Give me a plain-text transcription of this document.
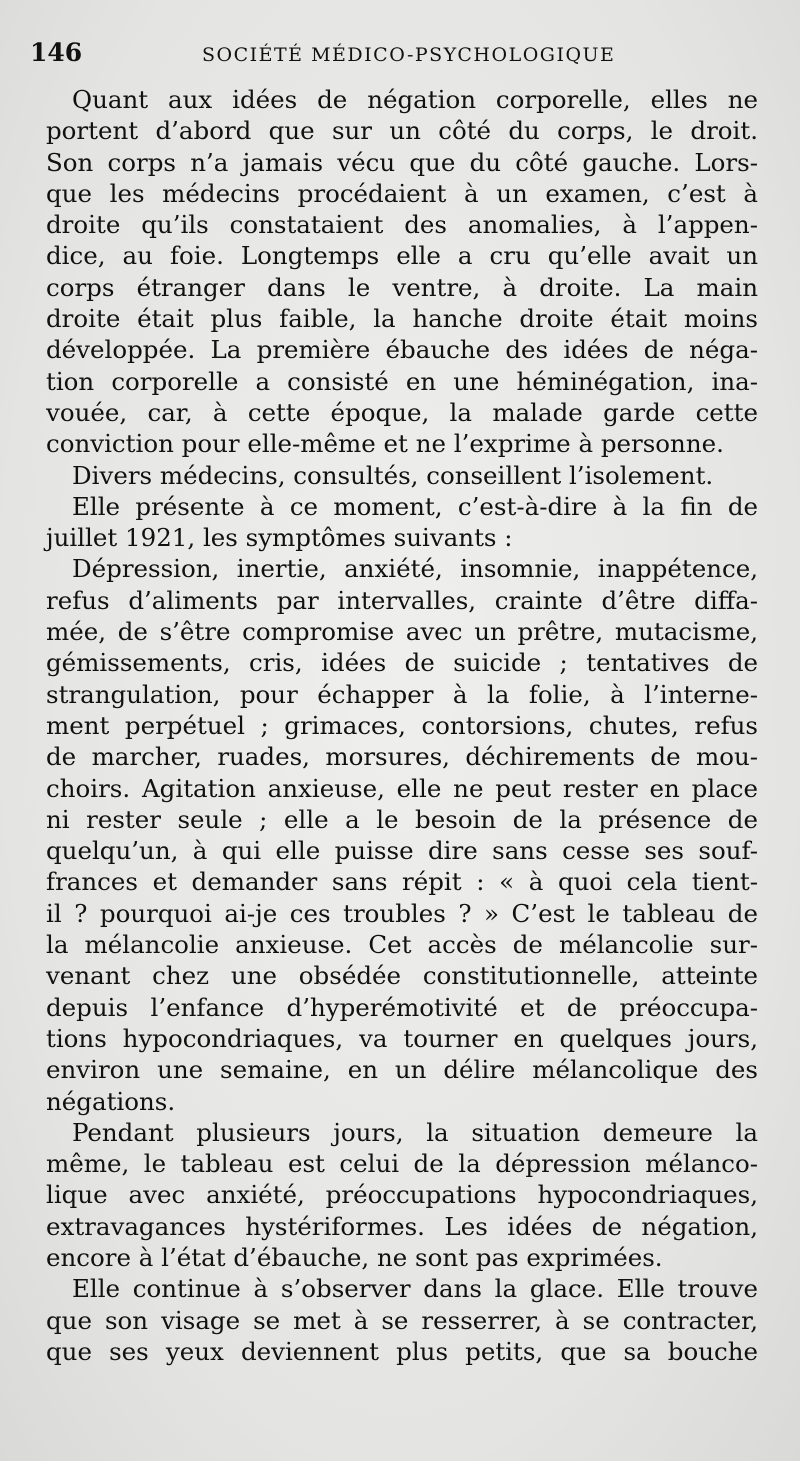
146	SOCIÉTÉ MÉDICO-PSYCHOLOGIQUE
Quant aux idées de négation corporelle, elles ne
portent d’abord que sur un côté du corps, le droit.
Son corps n’a jamais vécu que du côté gauche. Lors-
que les médecins procédaient à un examen, c’est à
droite qu’ils constataient des anomalies, à l’appen-
dice, au foie. Longtemps elle a cru qu’elle avait un
corps étranger dans le ventre, à droite. La main
droite était plus faible, la hanche droite était moins
développée. La première ébauche des idées de néga-
tion corporelle a consisté en une héminégation, ina-
vouée, car, à cette époque, la malade garde cette
conviction pour elle-même et ne l’exprime à personne.
Divers médecins, consultés, conseillent l’isolement.
Elle présente à ce moment, c’est-à-dire à la fin de
juillet 1921, les symptômes suivants :
Dépression, inertie, anxiété, insomnie, inappétence,
refus d’aliments par intervalles, crainte d’être diffa-
mée, de s’être compromise avec un prêtre, mutacisme,
gémissements, cris, idées de suicide ; tentatives de
strangulation, pour échapper à la folie, à l’interne-
ment perpétuel ; grimaces, contorsions, chutes, refus
de marcher, ruades, morsures, déchirements de mou-
choirs. Agitation anxieuse, elle ne peut rester en place
ni rester seule ; elle a le besoin de la présence de
quelqu’un, à qui elle puisse dire sans cesse ses souf-
frances et demander sans répit : « à quoi cela tient-
il ? pourquoi ai-je ces troubles ? » C’est le tableau de
la mélancolie anxieuse. Cet accès de mélancolie sur-
venant chez une obsédée constitutionnelle, atteinte
depuis l’enfance d’hyperémotivité et de préoccupa-
tions hypocondriaques, va tourner en quelques jours,
environ une semaine, en un délire mélancolique des
négations.
Pendant plusieurs jours, la situation demeure la
même, le tableau est celui de la dépression mélanco-
lique avec anxiété, préoccupations hypocondriaques,
extravagances hystériformes. Les idées de négation,
encore à l’état d’ébauche, ne sont pas exprimées.
Elle continue à s’observer dans la glace. Elle trouve
que son visage se met à se resserrer, à se contracter,
que ses yeux deviennent plus petits, que sa bouche
